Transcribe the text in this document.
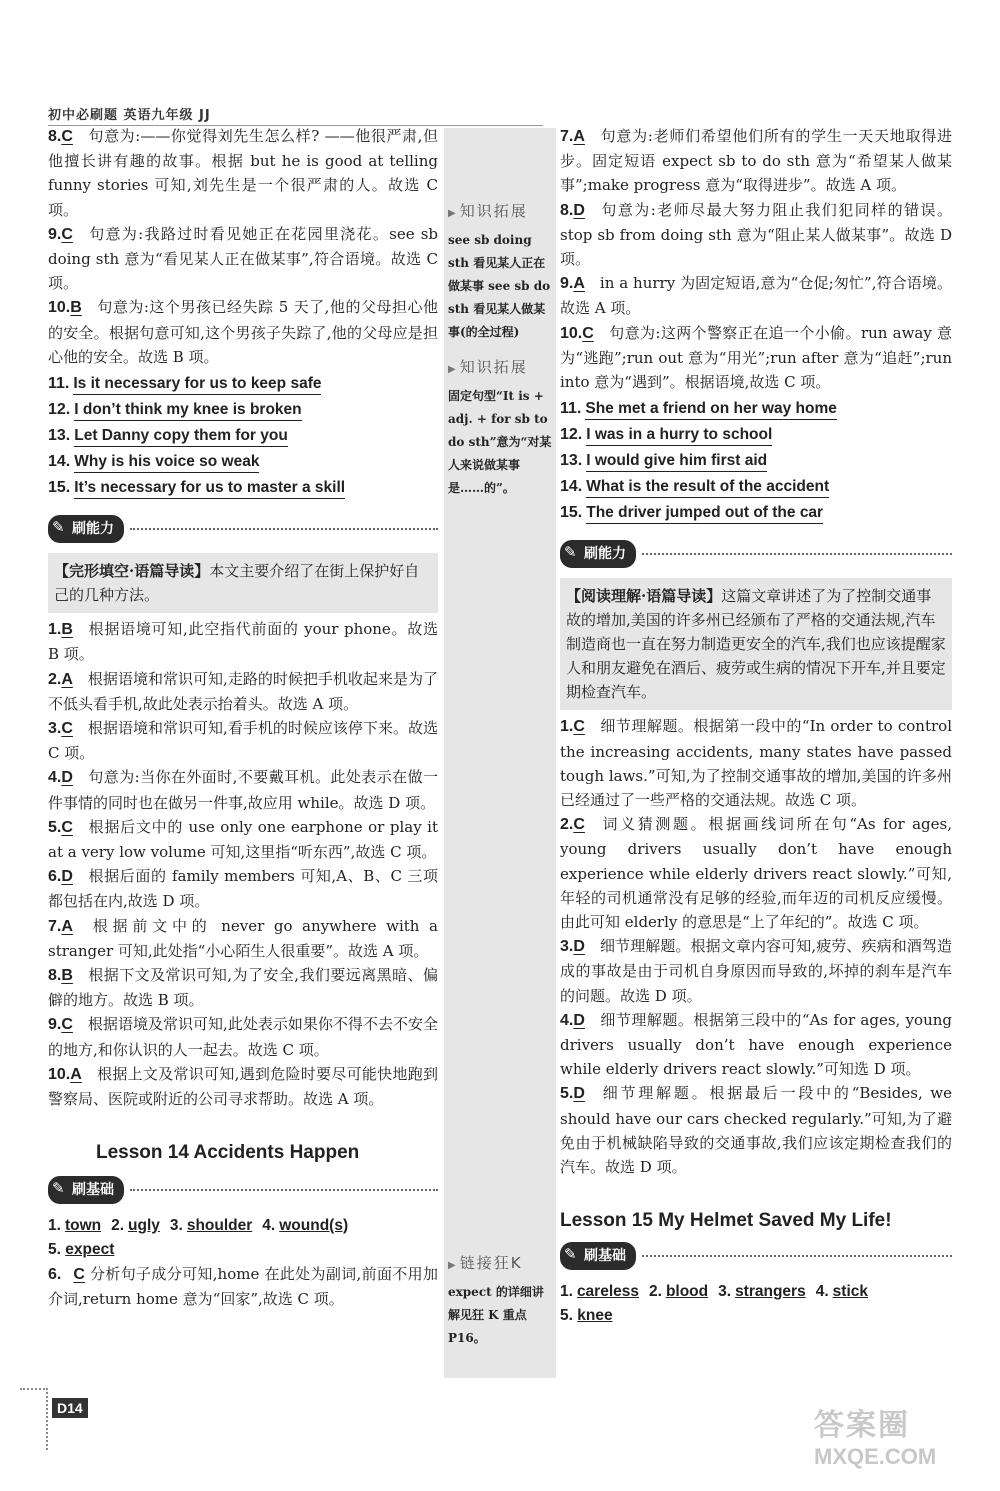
初中必刷题 英语九年级 JJ
8.C  句意为:——你觉得刘先生怎么样? ——他很严肃,但他擅长讲有趣的故事。根据 but he is good at telling funny stories 可知,刘先生是一个很严肃的人。故选 C 项。
9.C  句意为:我路过时看见她正在花园里浇花。see sb doing sth 意为“看见某人正在做某事”,符合语境。故选 C 项。
10.B  句意为:这个男孩已经失踪 5 天了,他的父母担心他的安全。根据句意可知,这个男孩子失踪了,他的父母应是担心他的安全。故选 B 项。
11. Is it necessary for us to keep safe
12. I don’t think my knee is broken
13. Let Danny copy them for you
14. Why is his voice so weak
15. It’s necessary for us to master a skill
✎ 刷能力
【完形填空·语篇导读】本文主要介绍了在街上保护好自己的几种方法。
1.B  根据语境可知,此空指代前面的 your phone。故选 B 项。
2.A  根据语境和常识可知,走路的时候把手机收起来是为了不低头看手机,故此处表示抬着头。故选 A 项。
3.C  根据语境和常识可知,看手机的时候应该停下来。故选 C 项。
4.D  句意为:当你在外面时,不要戴耳机。此处表示在做一件事情的同时也在做另一件事,故应用 while。故选 D 项。
5.C  根据后文中的 use only one earphone or play it at a very low volume 可知,这里指“听东西”,故选 C 项。
6.D  根据后面的 family members 可知,A、B、C 三项都包括在内,故选 D 项。
7.A  根据前文中的 never go anywhere with a stranger 可知,此处指“小心陌生人很重要”。故选 A 项。
8.B  根据下文及常识可知,为了安全,我们要远离黑暗、偏僻的地方。故选 B 项。
9.C  根据语境及常识可知,此处表示如果你不得不去不安全的地方,和你认识的人一起去。故选 C 项。
10.A  根据上文及常识可知,遇到危险时要尽可能快地跑到警察局、医院或附近的公司寻求帮助。故选 A 项。
Lesson 14 Accidents Happen
✎ 刷基础
1. town 2. ugly 3. shoulder 4. wound(s)
5. expect
6. C 分析句子成分可知,home 在此处为副词,前面不用加介词,return home 意为“回家”,故选 C 项。
▶ 知识拓展
see sb doing sth 看见某人正在做某事 see sb do sth 看见某人做某事(的全过程)
▶ 知识拓展
固定句型“It is + adj. + for sb to do sth”意为“对某人来说做某事是……的”。
▶ 链接狂K
expect 的详细讲解见狂 K 重点 P16。
7.A  句意为:老师们希望他们所有的学生一天天地取得进步。固定短语 expect sb to do sth 意为“希望某人做某事”;make progress 意为“取得进步”。故选 A 项。
8.D  句意为:老师尽最大努力阻止我们犯同样的错误。stop sb from doing sth 意为“阻止某人做某事”。故选 D 项。
9.A  in a hurry 为固定短语,意为“仓促;匆忙”,符合语境。故选 A 项。
10.C  句意为:这两个警察正在追一个小偷。run away 意为“逃跑”;run out 意为“用光”;run after 意为“追赶”;run into 意为“遇到”。根据语境,故选 C 项。
11. She met a friend on her way home
12. I was in a hurry to school
13. I would give him first aid
14. What is the result of the accident
15. The driver jumped out of the car
✎ 刷能力
【阅读理解·语篇导读】这篇文章讲述了为了控制交通事故的增加,美国的许多州已经颁布了严格的交通法规,汽车制造商也一直在努力制造更安全的汽车,我们也应该提醒家人和朋友避免在酒后、疲劳或生病的情况下开车,并且要定期检查汽车。
1.C  细节理解题。根据第一段中的“In order to control the increasing accidents, many states have passed tough laws.”可知,为了控制交通事故的增加,美国的许多州已经通过了一些严格的交通法规。故选 C 项。
2.C  词义猜测题。根据画线词所在句“As for ages, young drivers usually don’t have enough experience while elderly drivers react slowly.”可知,年轻的司机通常没有足够的经验,而年迈的司机反应缓慢。由此可知 elderly 的意思是“上了年纪的”。故选 C 项。
3.D  细节理解题。根据文章内容可知,疲劳、疾病和酒驾造成的事故是由于司机自身原因而导致的,坏掉的刹车是汽车的问题。故选 D 项。
4.D  细节理解题。根据第三段中的“As for ages, young drivers usually don’t have enough experience while elderly drivers react slowly.”可知选 D 项。
5.D  细节理解题。根据最后一段中的“Besides, we should have our cars checked regularly.”可知,为了避免由于机械缺陷导致的交通事故,我们应该定期检查我们的汽车。故选 D 项。
Lesson 15 My Helmet Saved My Life!
✎ 刷基础
1. careless 2. blood 3. strangers 4. stick
5. knee
D14
答案圈
MXQE.COM
